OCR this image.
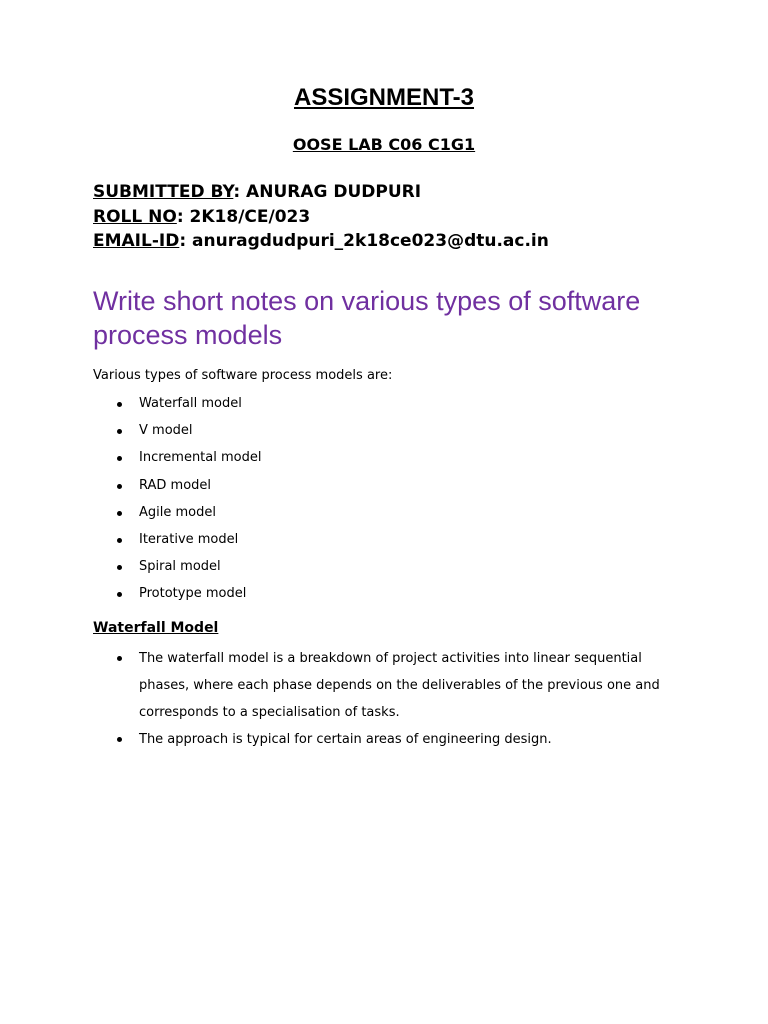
ASSIGNMENT-3
OOSE LAB C06 C1G1
SUBMITTED BY: ANURAG DUDPURI
ROLL NO: 2K18/CE/023
EMAIL-ID: anuragdudpuri_2k18ce023@dtu.ac.in
Write short notes on various types of software process models
Various types of software process models are:
Waterfall model
V model
Incremental model
RAD model
Agile model
Iterative model
Spiral model
Prototype model
Waterfall Model
The waterfall model is a breakdown of project activities into linear sequential phases, where each phase depends on the deliverables of the previous one and corresponds to a specialisation of tasks.
The approach is typical for certain areas of engineering design.
